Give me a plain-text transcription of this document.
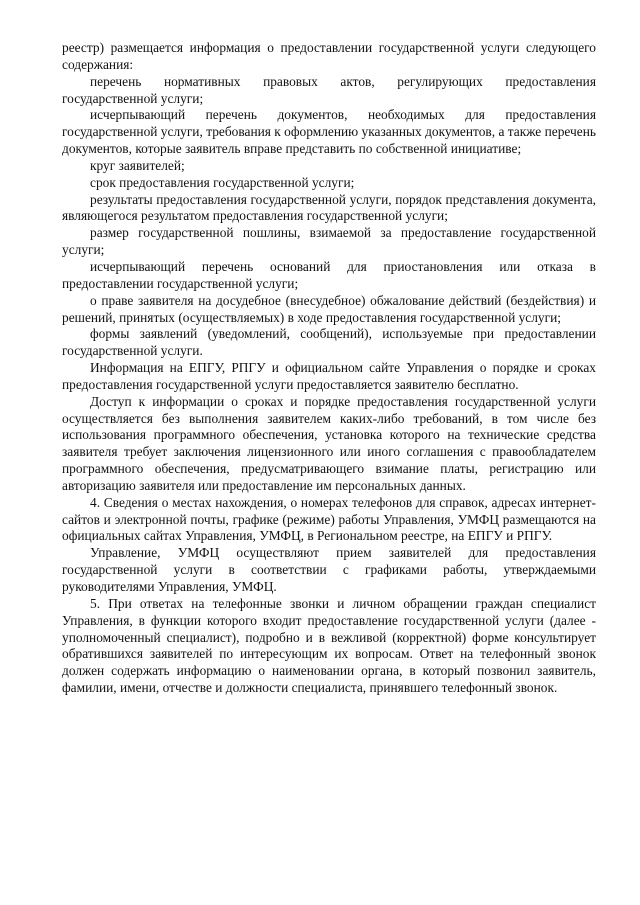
реестр) размещается информация о предоставлении государственной услуги следующего содержания:

перечень нормативных правовых актов, регулирующих предоставления государственной услуги;

исчерпывающий перечень документов, необходимых для предоставления государственной услуги, требования к оформлению указанных документов, а также перечень документов, которые заявитель вправе представить по собственной инициативе;

круг заявителей;

срок предоставления государственной услуги;

результаты предоставления государственной услуги, порядок представления документа, являющегося результатом предоставления государственной услуги;

размер государственной пошлины, взимаемой за предоставление государственной услуги;

исчерпывающий перечень оснований для приостановления или отказа в предоставлении государственной услуги;

о праве заявителя на досудебное (внесудебное) обжалование действий (бездействия) и решений, принятых (осуществляемых) в ходе предоставления государственной услуги;

формы заявлений (уведомлений, сообщений), используемые при предоставлении государственной услуги.

Информация на ЕПГУ, РПГУ и официальном сайте Управления о порядке и сроках предоставления государственной услуги предоставляется заявителю бесплатно.

Доступ к информации о сроках и порядке предоставления государственной услуги осуществляется без выполнения заявителем каких-либо требований, в том числе без использования программного обеспечения, установка которого на технические средства заявителя требует заключения лицензионного или иного соглашения с правообладателем программного обеспечения, предусматривающего взимание платы, регистрацию или авторизацию заявителя или предоставление им персональных данных.

4. Сведения о местах нахождения, о номерах телефонов для справок, адресах интернет-сайтов и электронной почты, графике (режиме) работы Управления, УМФЦ размещаются на официальных сайтах Управления, УМФЦ, в Региональном реестре, на ЕПГУ и РПГУ.

Управление, УМФЦ осуществляют прием заявителей для предоставления государственной услуги в соответствии с графиками работы, утверждаемыми руководителями Управления, УМФЦ.

5. При ответах на телефонные звонки и личном обращении граждан специалист Управления, в функции которого входит предоставление государственной услуги (далее - уполномоченный специалист), подробно и в вежливой (корректной) форме консультирует обратившихся заявителей по интересующим их вопросам. Ответ на телефонный звонок должен содержать информацию о наименовании органа, в который позвонил заявитель, фамилии, имени, отчестве и должности специалиста, принявшего телефонный звонок.
